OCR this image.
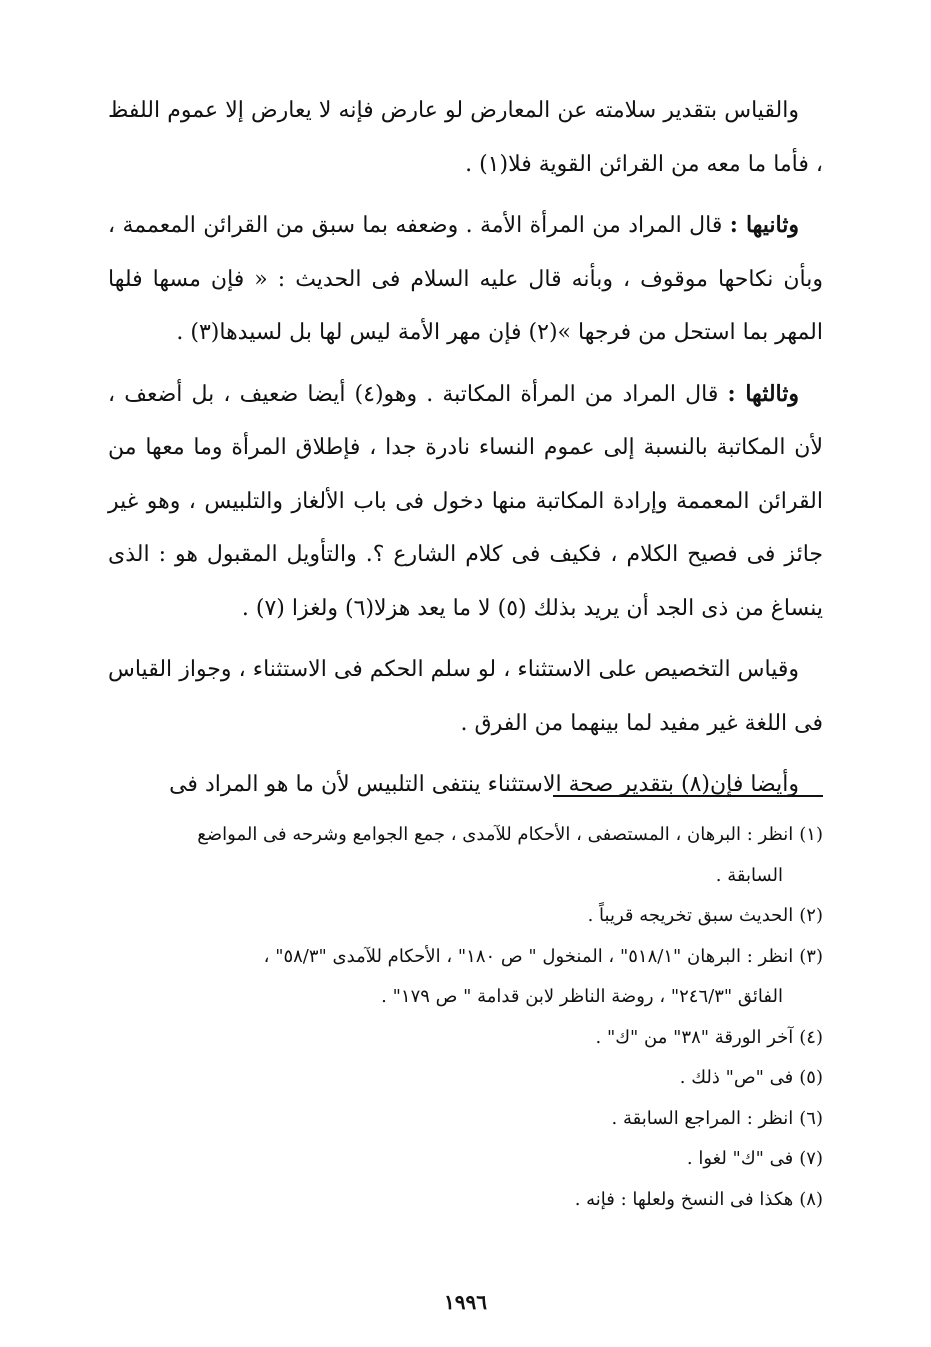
والقياس بتقدير سلامته عن المعارض لو عارض فإنه لا يعارض إلا عموم اللفظ ، فأما ما معه من القرائن القوية فلا(١) .

وثانيها : قال المراد من المرأة الأمة . وضعفه بما سبق من القرائن المعممة ، وبأن نكاحها موقوف ، وبأنه قال عليه السلام فى الحديث : « فإن مسها فلها المهر بما استحل من فرجها »(٢) فإن مهر الأمة ليس لها بل لسيدها(٣) .

وثالثها : قال المراد من المرأة المكاتبة . وهو(٤) أيضا ضعيف ، بل أضعف ، لأن المكاتبة بالنسبة إلى عموم النساء نادرة جدا ، فإطلاق المرأة وما معها من القرائن المعممة وإرادة المكاتبة منها دخول فى باب الألغاز والتلبيس ، وهو غير جائز فى فصيح الكلام ، فكيف فى كلام الشارع ؟. والتأويل المقبول هو : الذى ينساغ من ذى الجد أن يريد بذلك (٥) لا ما يعد هزلا(٦) ولغزا (٧) .

وقياس التخصيص على الاستثناء ، لو سلم الحكم فى الاستثناء ، وجواز القياس فى اللغة غير مفيد لما بينهما من الفرق .

وأيضا فإن(٨) بتقدير صحة الاستثناء ينتفى التلبيس لأن ما هو المراد فى

(١)انظر : البرهان ، المستصفى ، الأحكام للآمدى ، جمع الجوامع وشرحه فى المواضع
السابقة .
(٢)الحديث سبق تخريجه قريباً .
(٣)انظر : البرهان "٥١٨/١" ، المنخول " ص ١٨٠" ، الأحكام للآمدى "٥٨/٣" ،
الفائق "٢٤٦/٣" ، روضة الناظر لابن قدامة " ص ١٧٩" .
(٤)آخر الورقة "٣٨" من "ك" .
(٥)فى "ص" ذلك .
(٦)انظر : المراجع السابقة .
(٧)فى "ك" لغوا .
(٨)هكذا فى النسخ ولعلها : فإنه .
١٩٩٦
